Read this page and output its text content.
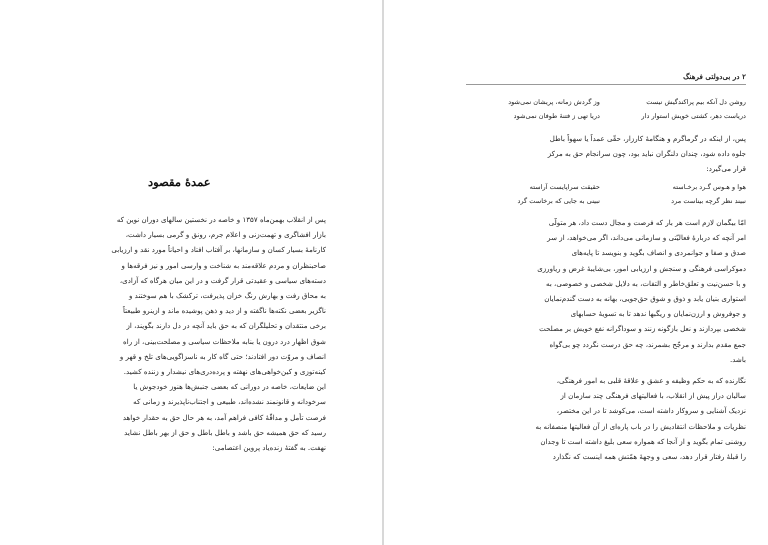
عمدهٔ مقصود
پس از انقلاب بهمن‌ماه ۱۳۵۷ و خاصه در نخستین سالهای دوران نوین که
بازار افشاگری و تهمت‌زنی و اعلام جرم، رونق و گرمی بسیار داشت،
کارنامهٔ بسیار کسان و سازمانها، بر آفتاب افتاد و احیاناً مورد نقد و ارزیابی
صاحبنظران و مردم علاقه‌مند به شناخت و وارسی امور و نیز فرقه‌ها و
دسته‌های سیاسی و عقیدتی قرار گرفت و در این میان هرگاه که آزادی،
به محاق رفت و بهارش رنگ خزان پذیرفت، ترکشک با هم سوختند و
ناگزیر بعضی نکته‌ها ناگفته و از دید و ذهن پوشیده ماند و ازینرو طبیعتاً
برخی منتقدان و تحلیلگران که به حق باید آنچه در دل دارند بگویند، از
شوق اظهار درد درون یا بنابه ملاحظات سیاسی و مصلحت‌بینی، از راه
انصاف و مروّت دور افتادند؛ حتی گاه کار به ناسزاگویی‌های تلخ و قهر و
کینه‌توزی و کین‌خواهی‌های نهفته و پرده‌دری‌های نیشدار و زننده کشید.
این ضایعات، خاصه در دورانی که بعضی جنبش‌ها هنوز خودجوش یا
سرخودانه و قانونمند نشده‌اند، طبیعی و اجتناب‌ناپذیرند و زمانی که
فرصت تأمل و مداقّهٔ کافی فراهم آمد، به هر حال حق به حقدار خواهد
رسید که حق همیشه حق باشد و باطل باطل و حق از بهر باطل نشاید
نهفت. به گفتهٔ زنده‌یاد پروین اعتصامی:
۲ در بی‌دولتی فرهنگ
روشن دل آنکه بیم پراکندگیش نیست
وز گردش زمانه، پریشان نمی‌شود
دریاست دهر، کشتی خویش استوار دار
دریا تهی ز فتنهٔ طوفان نمی‌شود
پس، از اینکه در گرماگرم و هنگامهٔ کارزار، حقّی عمداً یا سهواً باطل
جلوه داده شود، چندان دلنگران نباید بود، چون سرانجام حق به مرکز
قرار می‌گیرد:
هوا و هـوس گـرد برخـاسته
حقیقت سراپایست آراسته
نبیند نظر گرچه بیناست مرد
نبینی به جایی که برخاست گرد
امّا بیگمان لازم است هر بار که فرصت و مجال دست داد، هر متولّی
امر آنچه که دربارهٔ فعالیّتی و سازمانی می‌داند، اگر می‌خواهد، از سر
صدق و صفا و جوانمردی و انصاف بگوید و بنویسد تا پایه‌های
دموکراسی فرهنگی و سنجش و ارزیابی امور، بی‌شایبهٔ غرض و ریاورزی
و با حسن‌نیت و تعلق‌خاطر و التفات، به دلایل شخصی و خصوصی، به
استواری بنیان یابد و ذوق و شوق حق‌جویی، بهانه به دست گندم‌نمایان
و جوفروش و ارزن‌نمایان و ریگبها ندهد تا به تسویهٔ حسابهای
شخصی بپردازند و نعل بازگونه زنند و سوداگرانه نفع خویش بر مصلحت
جمع مقدم بدارند و مرجّح بشمرند، چه حق درست نگردد چو بی‌گواه
باشد.
نگارنده که به حکم وظیفه و عشق و علاقهٔ قلبی به امور فرهنگی،
سالیان دراز پیش از انقلاب، با فعالیتهای فرهنگی چند سازمان از
نزدیک آشنایی و سروکار داشته است، می‌کوشد تا در این مختصر،
نظریات و ملاحظات انتقادیش را در باب پاره‌ای از آن فعالیتها منصفانه به
روشنی تمام بگوید و از آنجا که همواره سعی بلیغ داشته است تا وجدان
را قبلهٔ رفتار قرار دهد، سعی و وجههٔ همّتش همه اینست که نگذارد
